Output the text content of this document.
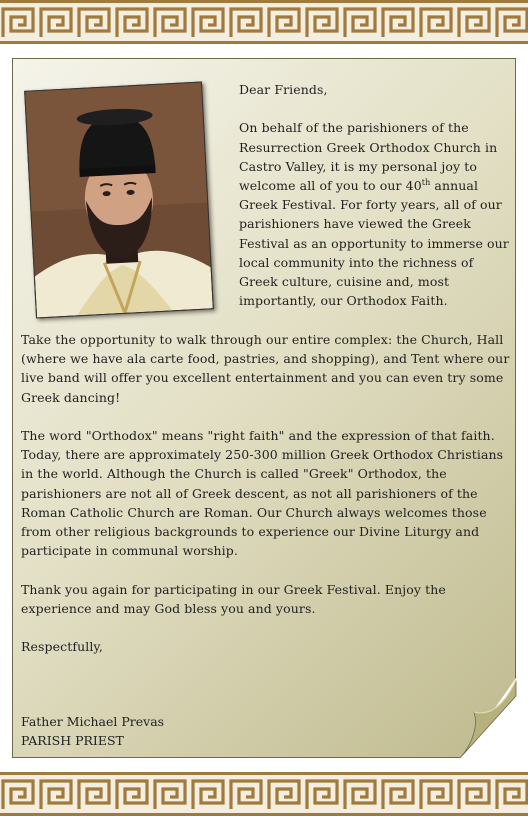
Dear Friends,

On behalf of the parishioners of the Resurrection Greek Orthodox Church in Castro Valley, it is my personal joy to welcome all of you to our 40th annual Greek Festival. For forty years, all of our parishioners have viewed the Greek Festival as an opportunity to immerse our local community into the richness of Greek culture, cuisine and, most importantly, our Orthodox Faith.

Take the opportunity to walk through our entire complex: the Church, Hall (where we have ala carte food, pastries, and shopping), and Tent where our live band will offer you excellent entertainment and you can even try some Greek dancing!

The word "Orthodox" means "right faith" and the expression of that faith. Today, there are approximately 250-300 million Greek Orthodox Christians in the world. Although the Church is called "Greek" Orthodox, the parishioners are not all of Greek descent, as not all parishioners of the Roman Catholic Church are Roman. Our Church always welcomes those from other religious backgrounds to experience our Divine Liturgy and participate in communal worship.

Thank you again for participating in our Greek Festival. Enjoy the experience and may God bless you and yours.

Respectfully,

Father Michael Prevas
PARISH PRIEST
